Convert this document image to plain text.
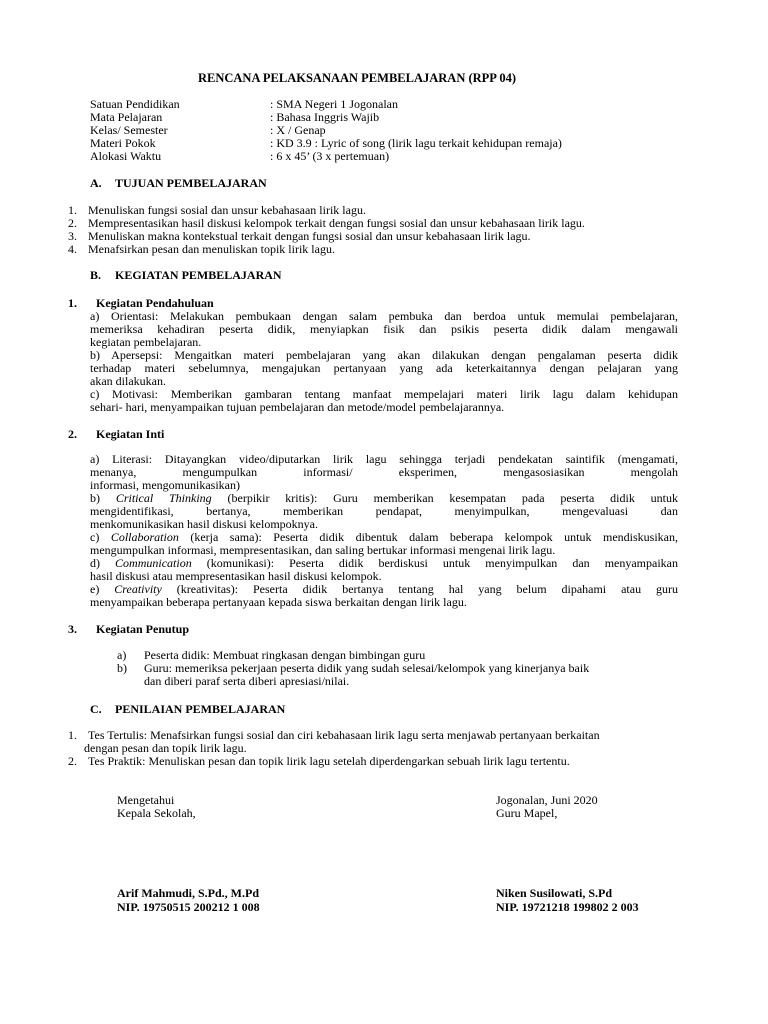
RENCANA PELAKSANAAN PEMBELAJARAN (RPP 04)
Satuan Pendidikan	: SMA Negeri 1 Jogonalan
Mata Pelajaran	: Bahasa Inggris Wajib
Kelas/ Semester	: X / Genap
Materi Pokok	: KD 3.9 : Lyric of song (lirik lagu terkait kehidupan remaja)
Alokasi Waktu	: 6 x 45’ (3 x pertemuan)
A. TUJUAN PEMBELAJARAN
1. Menuliskan fungsi sosial dan unsur kebahasaan lirik lagu.
2. Mempresentasikan hasil diskusi kelompok terkait dengan fungsi sosial dan unsur kebahasaan lirik lagu.
3. Menuliskan makna kontekstual terkait dengan fungsi sosial dan unsur kebahasaan lirik lagu.
4. Menafsirkan pesan dan menuliskan topik lirik lagu.
B. KEGIATAN PEMBELAJARAN
1. Kegiatan Pendahuluan

a) Orientasi: Melakukan pembukaan dengan salam pembuka dan berdoa untuk memulai pembelajaran,

memeriksa kehadiran peserta didik, menyiapkan fisik dan psikis peserta didik dalam mengawali

kegiatan pembelajaran.

b) Apersepsi: Mengaitkan materi pembelajaran yang akan dilakukan dengan pengalaman peserta didik

terhadap materi sebelumnya, mengajukan pertanyaan yang ada keterkaitannya dengan pelajaran yang

akan dilakukan.

c) Motivasi: Memberikan gambaran tentang manfaat mempelajari materi lirik lagu dalam kehidupan

sehari- hari, menyampaikan tujuan pembelajaran dan metode/model pembelajarannya.

2. Kegiatan Inti

a) Literasi: Ditayangkan video/diputarkan lirik lagu sehingga terjadi pendekatan saintifik (mengamati,

menanya, mengumpulkan informasi/ eksperimen, mengasosiasikan mengolah

informasi, mengomunikasikan)

b) Critical Thinking (berpikir kritis): Guru memberikan kesempatan pada peserta didik untuk

mengidentifikasi, bertanya, memberikan pendapat, menyimpulkan, mengevaluasi dan

menkomunikasikan hasil diskusi kelompoknya.

c) Collaboration (kerja sama): Peserta didik dibentuk dalam beberapa kelompok untuk mendiskusikan,

mengumpulkan informasi, mempresentasikan, dan saling bertukar informasi mengenai lirik lagu.

d) Communication (komunikasi): Peserta didik berdiskusi untuk menyimpulkan dan menyampaikan

hasil diskusi atau mempresentasikan hasil diskusi kelompok.

e) Creativity (kreativitas): Peserta didik bertanya tentang hal yang belum dipahami atau guru

menyampaikan beberapa pertanyaan kepada siswa berkaitan dengan lirik lagu.

3. Kegiatan Penutup
a) Peserta didik: Membuat ringkasan dengan bimbingan guru
b) Guru: memeriksa pekerjaan peserta didik yang sudah selesai/kelompok yang kinerjanya baik
dan diberi paraf serta diberi apresiasi/nilai.
C. PENILAIAN PEMBELAJARAN
1. Tes Tertulis: Menafsirkan fungsi sosial dan ciri kebahasaan lirik lagu serta menjawab pertanyaan berkaitan
dengan pesan dan topik lirik lagu.
2. Tes Praktik: Menuliskan pesan dan topik lirik lagu setelah diperdengarkan sebuah lirik lagu tertentu.
Mengetahui
Kepala Sekolah,
Jogonalan, Juni 2020
Guru Mapel,
Arif Mahmudi, S.Pd., M.Pd
NIP. 19750515 200212 1 008
Niken Susilowati, S.Pd
NIP. 19721218 199802 2 003
